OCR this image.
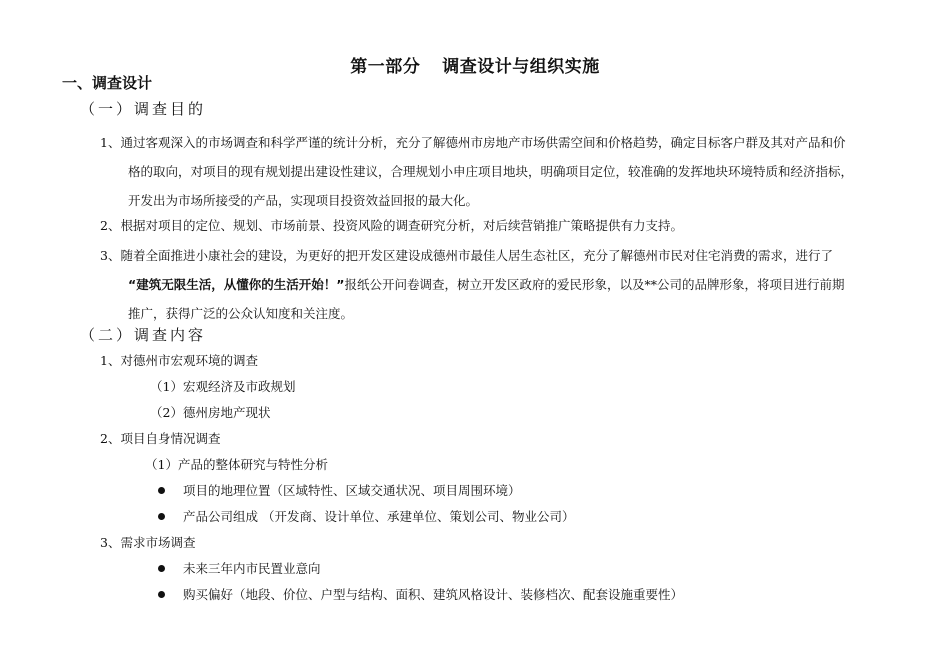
第一部分 调查设计与组织实施
一、调查设计
（一）调查目的
1、通过客观深入的市场调查和科学严谨的统计分析，充分了解德州市房地产市场供需空间和价格趋势，确定目标客户群及其对产品和价
格的取向，对项目的现有规划提出建设性建议，合理规划小申庄项目地块，明确项目定位，较准确的发挥地块环境特质和经济指标，
开发出为市场所接受的产品，实现项目投资效益回报的最大化。
2、根据对项目的定位、规划、市场前景、投资风险的调查研究分析，对后续营销推广策略提供有力支持。
3、随着全面推进小康社会的建设，为更好的把开发区建设成德州市最佳人居生态社区，充分了解德州市民对住宅消费的需求，进行了
“建筑无限生活，从懂你的生活开始！”报纸公开问卷调查，树立开发区政府的爱民形象，以及**公司的品牌形象，将项目进行前期
推广，获得广泛的公众认知度和关注度。
（二）调查内容
1、对德州市宏观环境的调查
（1）宏观经济及市政规划
（2）德州房地产现状
2、项目自身情况调查
（1）产品的整体研究与特性分析
项目的地理位置（区域特性、区域交通状况、项目周围环境）
产品公司组成 （开发商、设计单位、承建单位、策划公司、物业公司）
3、需求市场调查
未来三年内市民置业意向
购买偏好（地段、价位、户型与结构、面积、建筑风格设计、装修档次、配套设施重要性）
